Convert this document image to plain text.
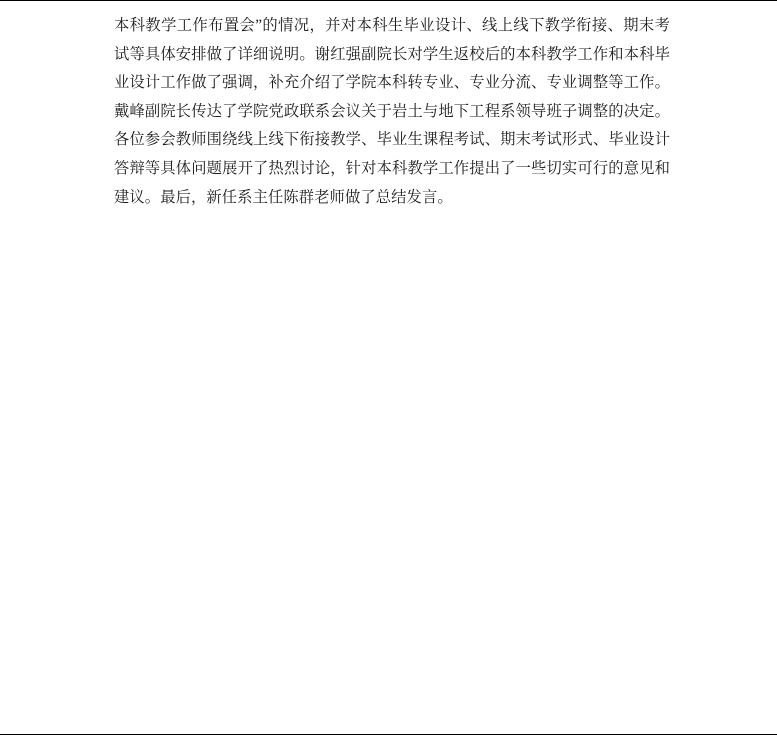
本科教学工作布置会”的情况，并对本科生毕业设计、线上线下教学衔接、期末考试等具体安排做了详细说明。谢红强副院长对学生返校后的本科教学工作和本科毕业设计工作做了强调，补充介绍了学院本科转专业、专业分流、专业调整等工作。戴峰副院长传达了学院党政联系会议关于岩土与地下工程系领导班子调整的决定。各位参会教师围绕线上线下衔接教学、毕业生课程考试、期末考试形式、毕业设计答辩等具体问题展开了热烈讨论，针对本科教学工作提出了一些切实可行的意见和建议。最后，新任系主任陈群老师做了总结发言。
